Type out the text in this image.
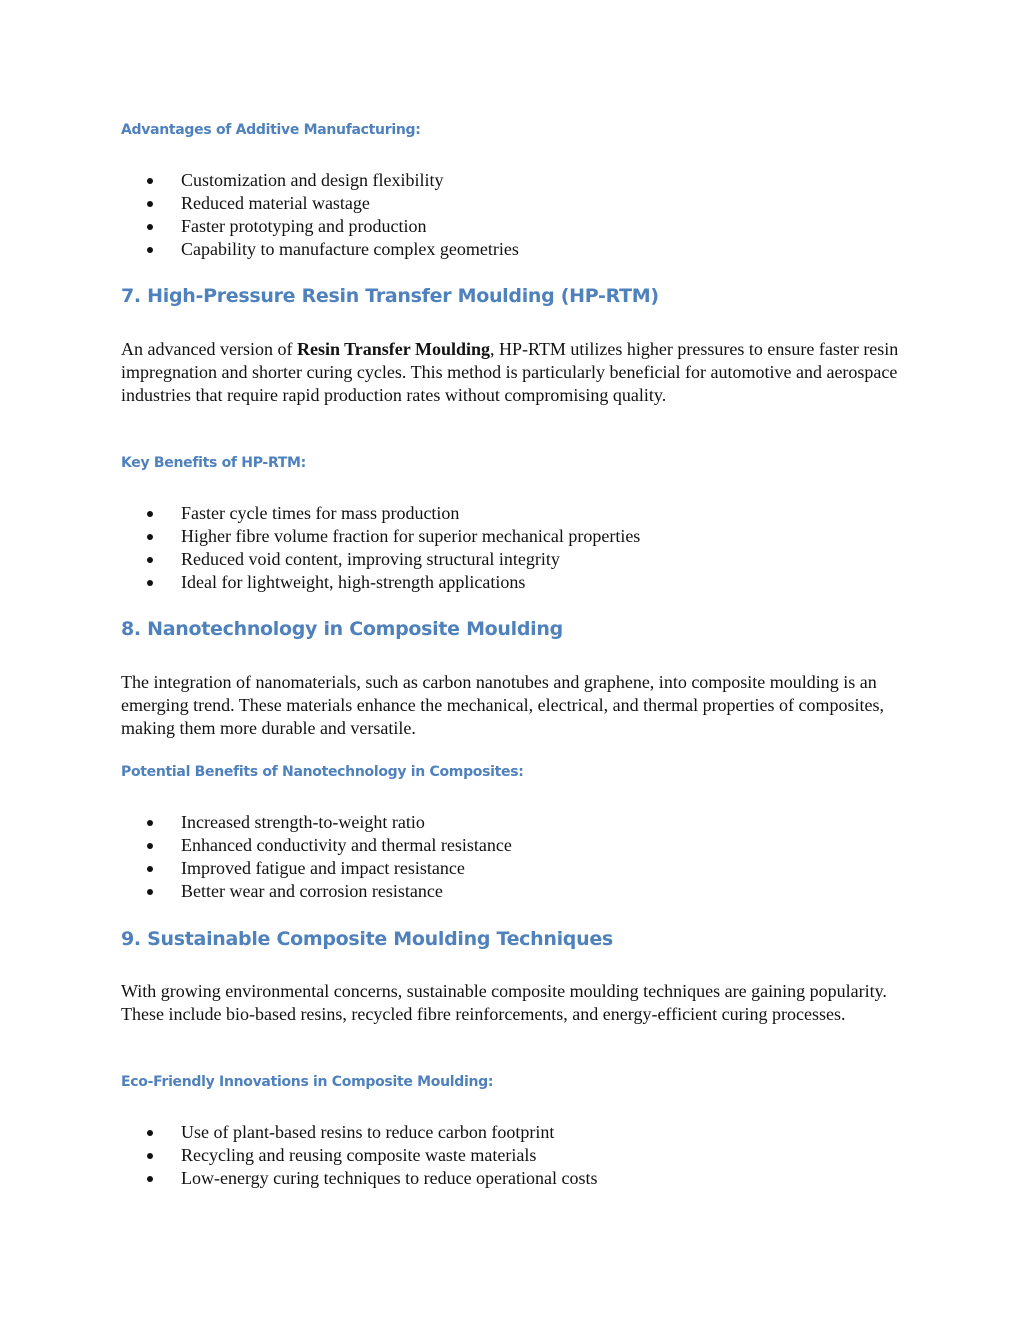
Advantages of Additive Manufacturing:
Customization and design flexibility
Reduced material wastage
Faster prototyping and production
Capability to manufacture complex geometries
7. High-Pressure Resin Transfer Moulding (HP-RTM)

An advanced version of Resin Transfer Moulding, HP-RTM utilizes higher pressures to ensure faster resin impregnation and shorter curing cycles. This method is particularly beneficial for automotive and aerospace industries that require rapid production rates without compromising quality.

Key Benefits of HP-RTM:
Faster cycle times for mass production
Higher fibre volume fraction for superior mechanical properties
Reduced void content, improving structural integrity
Ideal for lightweight, high-strength applications
8. Nanotechnology in Composite Moulding

The integration of nanomaterials, such as carbon nanotubes and graphene, into composite moulding is an emerging trend. These materials enhance the mechanical, electrical, and thermal properties of composites, making them more durable and versatile.

Potential Benefits of Nanotechnology in Composites:
Increased strength-to-weight ratio
Enhanced conductivity and thermal resistance
Improved fatigue and impact resistance
Better wear and corrosion resistance
9. Sustainable Composite Moulding Techniques

With growing environmental concerns, sustainable composite moulding techniques are gaining popularity. These include bio-based resins, recycled fibre reinforcements, and energy-efficient curing processes.

Eco-Friendly Innovations in Composite Moulding:
Use of plant-based resins to reduce carbon footprint
Recycling and reusing composite waste materials
Low-energy curing techniques to reduce operational costs
